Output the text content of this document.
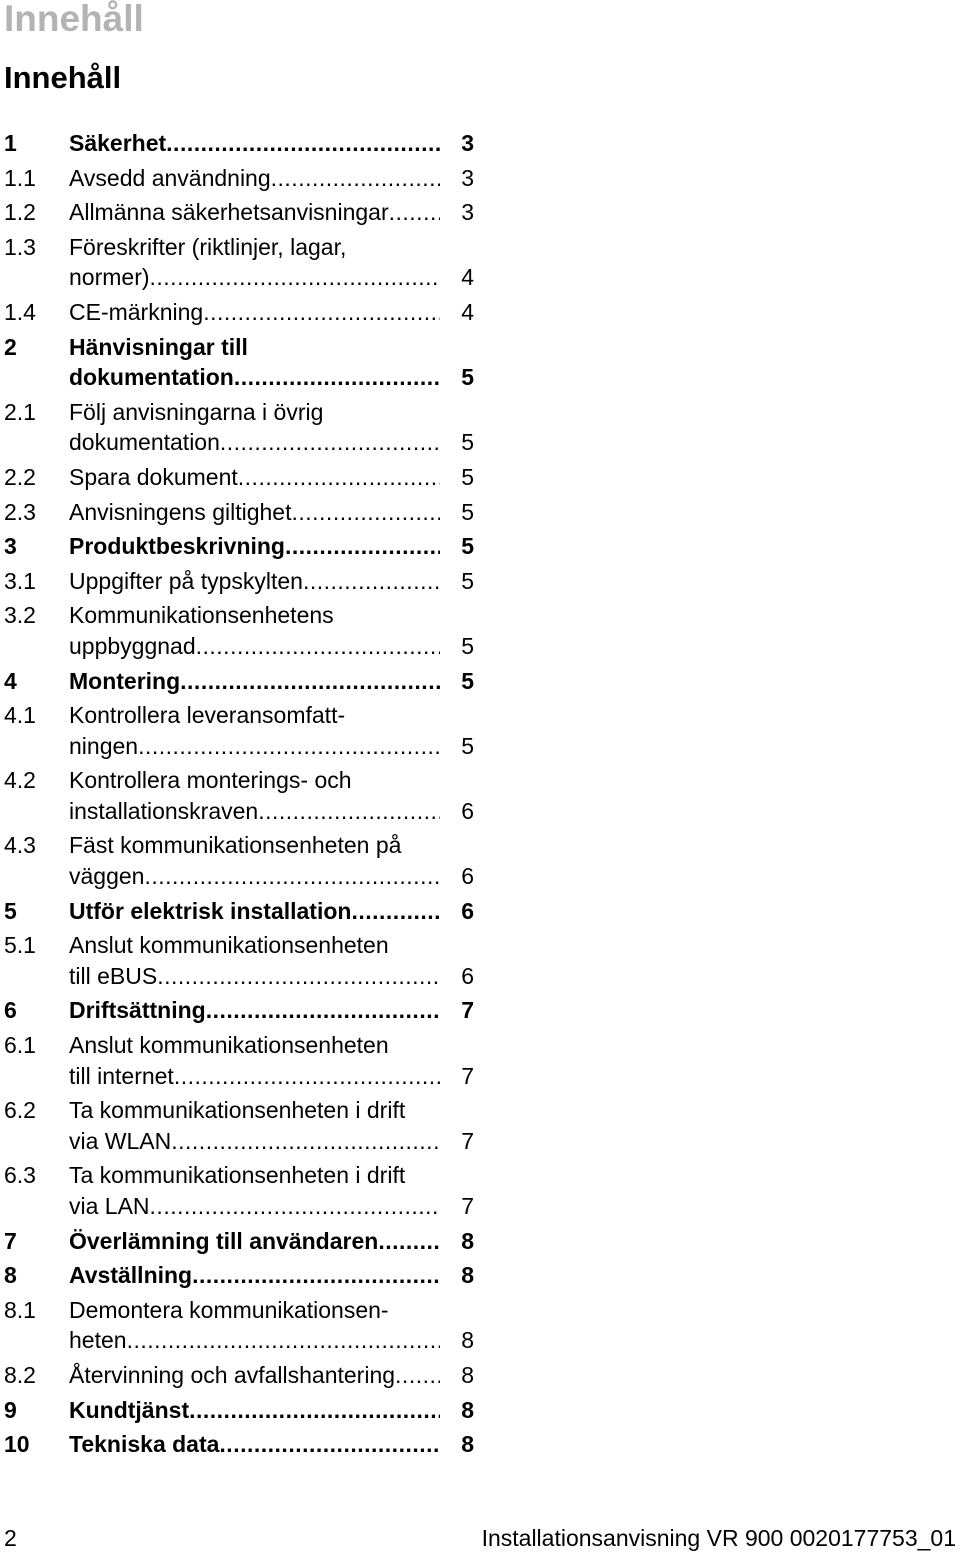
Innehåll
Innehåll
1	Säkerhet .....	3
1.1	Avsedd användning .....	3
1.2	Allmänna säkerhetsanvisningar .....	3
1.3	Föreskrifter (riktlinjer, lagar,
normer) .....	4
1.4	CE-märkning .....	4
2	Hänvisningar till
dokumentation .....	5
2.1	Följ anvisningarna i övrig
dokumentation .....	5
2.2	Spara dokument .....	5
2.3	Anvisningens giltighet .....	5
3	Produktbeskrivning .....	5
3.1	Uppgifter på typskylten .....	5
3.2	Kommunikationsenhetens
uppbyggnad .....	5
4	Montering .....	5
4.1	Kontrollera leveransomfatt-
ningen .....	5
4.2	Kontrollera monterings- och
installationskraven .....	6
4.3	Fäst kommunikationsenheten på
väggen .....	6
5	Utför elektrisk installation .....	6
5.1	Anslut kommunikationsenheten
till eBUS .....	6
6	Driftsättning .....	7
6.1	Anslut kommunikationsenheten
till internet .....	7
6.2	Ta kommunikationsenheten i drift
via WLAN .....	7
6.3	Ta kommunikationsenheten i drift
via LAN .....	7
7	Överlämning till användaren .....	8
8	Avställning .....	8
8.1	Demontera kommunikationsen-
heten .....	8
8.2	Återvinning och avfallshantering .....	8
9	Kundtjänst .....	8
10	Tekniska data .....	8
2	Installationsanvisning VR 900 0020177753_01
